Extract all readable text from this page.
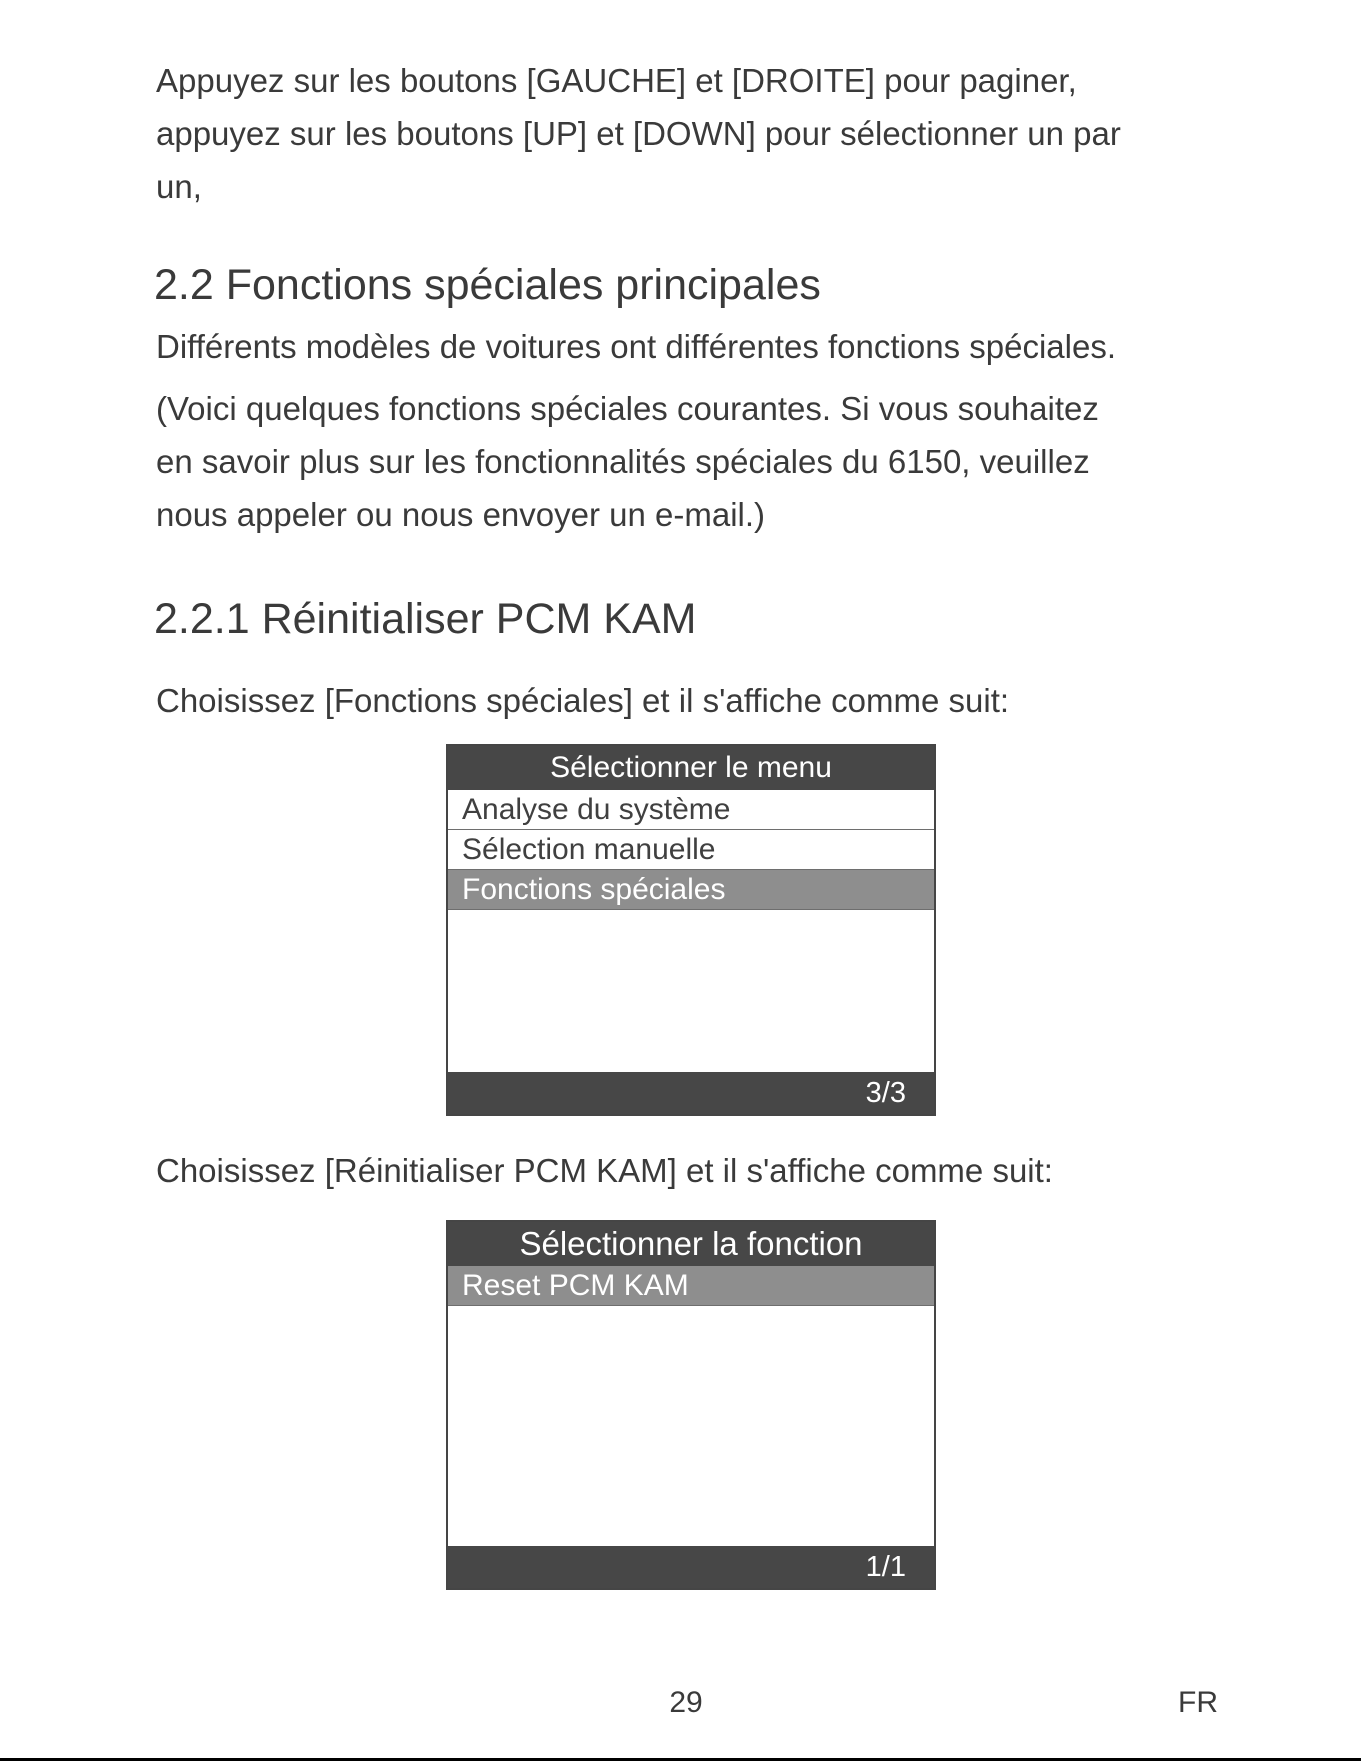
Appuyez sur les boutons [GAUCHE] et [DROITE] pour paginer,
appuyez sur les boutons [UP] et [DOWN] pour sélectionner un par
un,

2.2 Fonctions spéciales principales

Différents modèles de voitures ont différentes fonctions spéciales.

(Voici quelques fonctions spéciales courantes. Si vous souhaitez
en savoir plus sur les fonctionnalités spéciales du 6150, veuillez
nous appeler ou nous envoyer un e-mail.)

2.2.1 Réinitialiser PCM KAM

Choisissez [Fonctions spéciales] et il s'affiche comme suit:

Sélectionner le menu
Analyse du système
Sélection manuelle
Fonctions spéciales
3/3

Choisissez [Réinitialiser PCM KAM] et il s'affiche comme suit:

Sélectionner la fonction
Reset PCM KAM
1/1

29	FR
